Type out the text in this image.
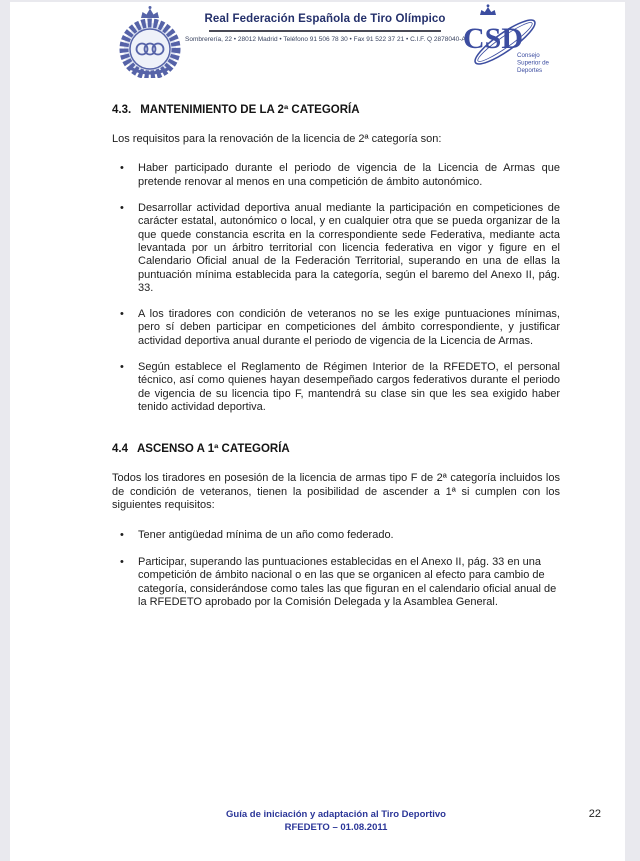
Real Federación Española de Tiro Olímpico
Sombrerería, 22 • 28012 Madrid • Teléfono 91 506 78 30 • Fax 91 522 37 21 • C.I.F. Q 2878040-A
CSD
Consejo
Superior de
Deportes
4.3. MANTENIMIENTO DE LA 2ª CATEGORÍA
Los requisitos para la renovación de la licencia de 2ª categoría son:
• Haber participado durante el periodo de vigencia de la Licencia de Armas que pretende renovar al menos en una competición de ámbito autonómico.
• Desarrollar actividad deportiva anual mediante la participación en competiciones de carácter estatal, autonómico o local, y en cualquier otra que se pueda organizar de la que quede constancia escrita en la correspondiente sede Federativa, mediante acta levantada por un árbitro territorial con licencia federativa en vigor y figure en el Calendario Oficial anual de la Federación Territorial, superando en una de ellas la puntuación mínima establecida para la categoría, según el baremo del Anexo II, pág. 33.
• A los tiradores con condición de veteranos no se les exige puntuaciones mínimas, pero sí deben participar en competiciones del ámbito correspondiente, y justificar actividad deportiva anual durante el periodo de vigencia de la Licencia de Armas.
• Según establece el Reglamento de Régimen Interior de la RFEDETO, el personal técnico, así como quienes hayan desempeñado cargos federativos durante el periodo de vigencia de su licencia tipo F, mantendrá su clase sin que les sea exigido haber tenido actividad deportiva.
4.4 ASCENSO A 1ª CATEGORÍA
Todos los tiradores en posesión de la licencia de armas tipo F de 2ª categoría incluidos los de condición de veteranos, tienen la posibilidad de ascender a 1ª si cumplen con los siguientes requisitos:
• Tener antigüedad mínima de un año como federado.
• Participar, superando las puntuaciones establecidas en el Anexo II, pág. 33 en una competición de ámbito nacional o en las que se organicen al efecto para cambio de categoría, considerándose como tales las que figuran en el calendario oficial anual de la RFEDETO aprobado por la Comisión Delegada y la Asamblea General.
Guía de iniciación y adaptación al Tiro Deportivo
RFEDETO – 01.08.2011
22
